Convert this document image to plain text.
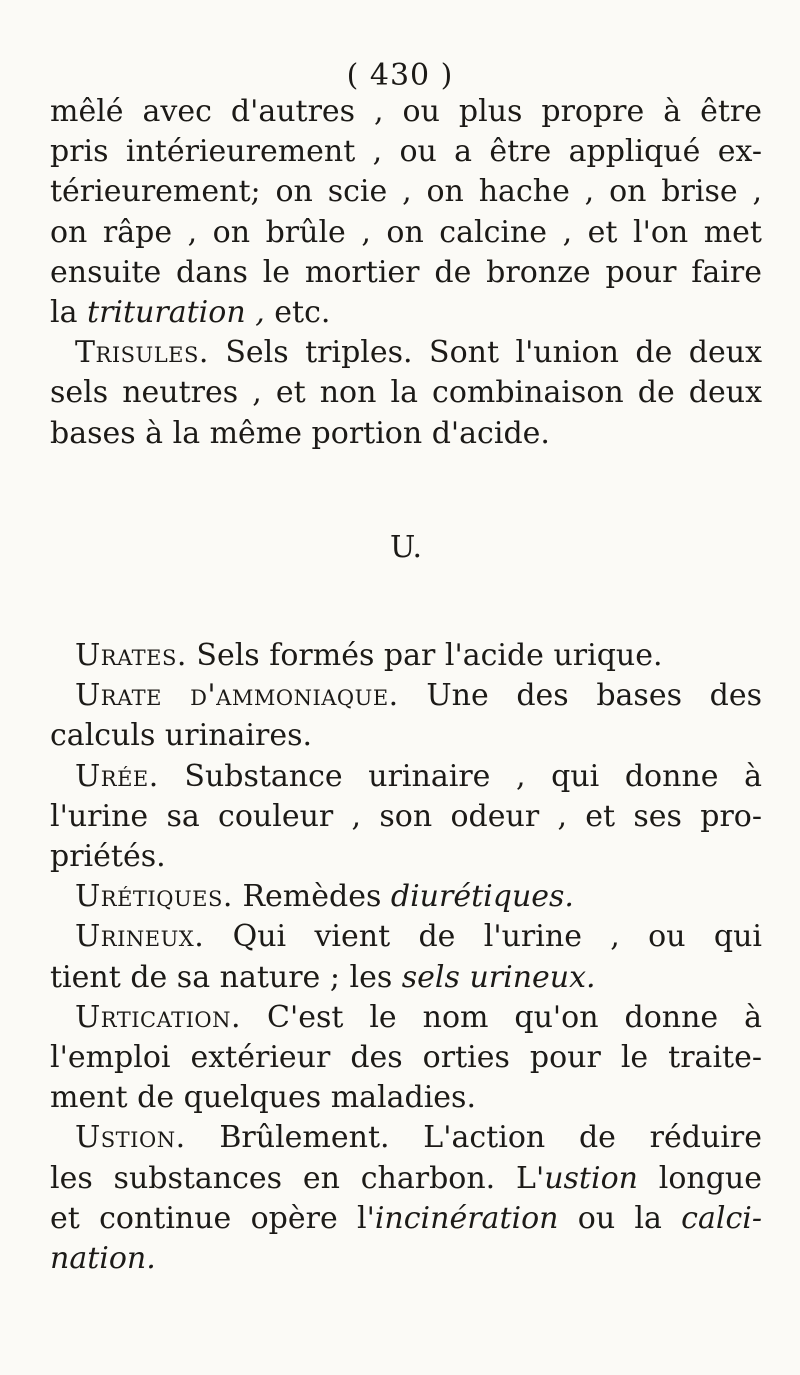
( 430 )
mêlé avec d'autres , ou plus propre à être
pris intérieurement , ou a être appliqué ex-
térieurement; on scie , on hache , on brise ,
on râpe , on brûle , on calcine , et l'on met
ensuite dans le mortier de bronze pour faire
la trituration , etc.
Trisules. Sels triples. Sont l'union de deux
sels neutres , et non la combinaison de deux
bases à la même portion d'acide.
U.
Urates. Sels formés par l'acide urique.
Urate d'ammoniaque. Une des bases des
calculs urinaires.
Urée. Substance urinaire , qui donne à
l'urine sa couleur , son odeur , et ses pro-
priétés.
Urétiques. Remèdes diurétiques.
Urineux. Qui vient de l'urine , ou qui
tient de sa nature ; les sels urineux.
Urtication. C'est le nom qu'on donne à
l'emploi extérieur des orties pour le traite-
ment de quelques maladies.
Ustion. Brûlement. L'action de réduire
les substances en charbon. L'ustion longue
et continue opère l'incinération ou la calci-
nation.
